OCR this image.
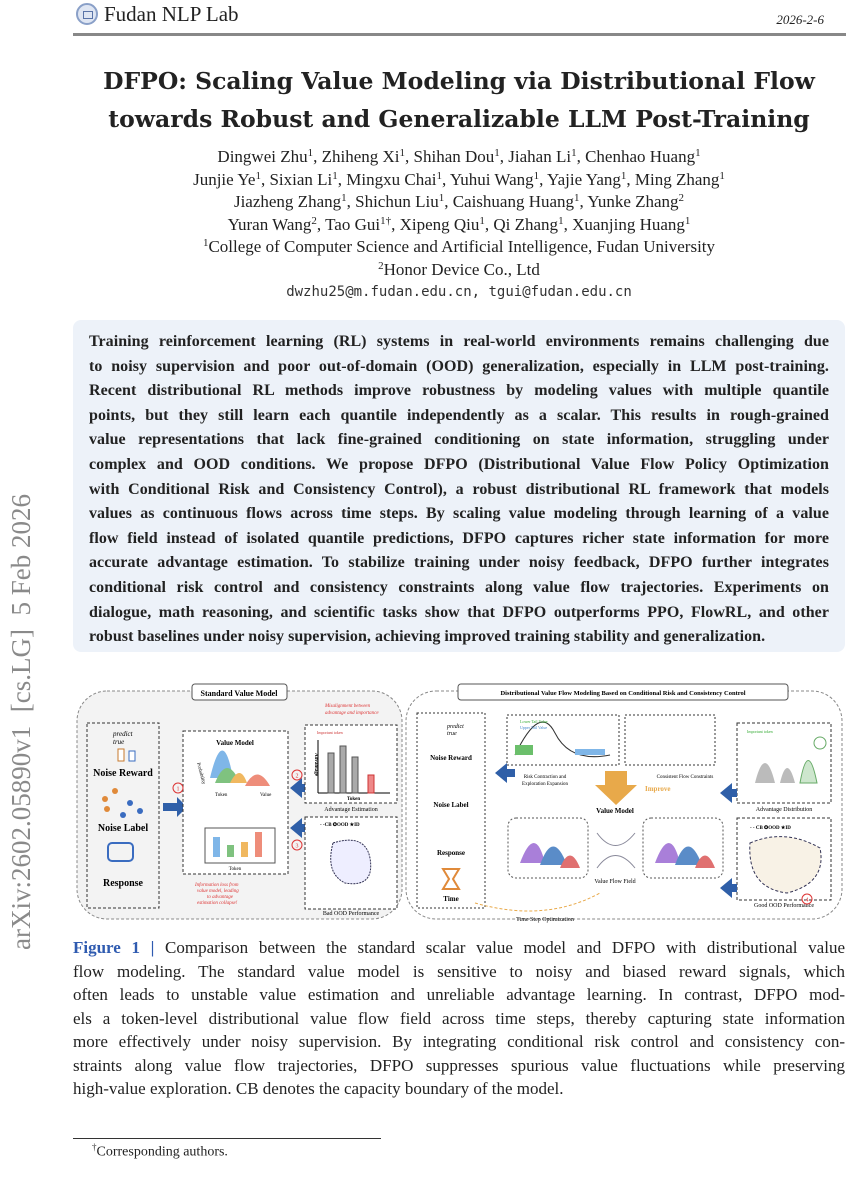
Fudan NLP Lab	2026-2-6
arXiv:2602.05890v1  [cs.LG]  5 Feb 2026
DFPO: Scaling Value Modeling via Distributional Flow
towards Robust and Generalizable LLM Post-Training
Dingwei Zhu$^1$, Zhiheng Xi$^1$, Shihan Dou$^1$, Jiahan Li$^1$, Chenhao Huang$^1$
Junjie Ye$^1$, Sixian Li$^1$, Mingxu Chai$^1$, Yuhui Wang$^1$, Yajie Yang$^1$, Ming Zhang$^1$
Jiazheng Zhang$^1$, Shichun Liu$^1$, Caishuang Huang$^1$, Yunke Zhang$^2$
Yuran Wang$^2$, Tao Gui$^{1\dagger}$, Xipeng Qiu$^1$, Qi Zhang$^1$, Xuanjing Huang$^1$
$^1$College of Computer Science and Artificial Intelligence, Fudan University
$^2$Honor Device Co., Ltd
dwzhu25@m.fudan.edu.cn, tgui@fudan.edu.cn
Training reinforcement learning (RL) systems in real-world environments remains challenging due
to noisy supervision and poor out-of-domain (OOD) generalization, especially in LLM post-training.
Recent distributional RL methods improve robustness by modeling values with multiple quantile
points, but they still learn each quantile independently as a scalar. This results in rough-grained
value representations that lack fine-grained conditioning on state information, struggling under
complex and OOD conditions. We propose DFPO (Distributional Value Flow Policy Optimization
with Conditional Risk and Consistency Control), a robust distributional RL framework that models
values as continuous flows across time steps. By scaling value modeling through learning of a value
flow field instead of isolated quantile predictions, DFPO captures richer state information for more
accurate advantage estimation. To stabilize training under noisy feedback, DFPO further integrates
conditional risk control and consistency constraints along value flow trajectories. Experiments on
dialogue, math reasoning, and scientific tasks show that DFPO outperforms PPO, FlowRL, and other
robust baselines under noisy supervision, achieving improved training stability and generalization.
Standard Value Model
predict
true
Noise Reward
Noise Label
Response
Value Model
Probability
Token	Value
Token
Important token
Advantage
Token
Misalignment between
advantage and importance
Advantage Estimation
- -CB ✪OOD ★ID
Bad OOD Performance
Information loss from
value model, leading
to advantage
estimation collapse!
Distributional Value Flow Modeling Based on Conditional Risk and Consistency Control
predict
true
Noise Reward
Noise Label
Response
Time
Lower Tail Value
Upper Tail Value
Risk Contraction and
Exploration Expansion
Consistent Flow Constraints
Improve
Value Model
Value Flow Field
Time Step Optimization
Important token
Advantage Distribution
- - CB ✪OOD ★ID
Good OOD Performance
1
2
3
4
Figure 1 | Comparison between the standard scalar value model and DFPO with distributional value
flow modeling. The standard value model is sensitive to noisy and biased reward signals, which
often leads to unstable value estimation and unreliable advantage learning. In contrast, DFPO mod-
els a token-level distributional value flow field across time steps, thereby capturing state information
more effectively under noisy supervision. By integrating conditional risk control and consistency con-
straints along value flow trajectories, DFPO suppresses spurious value fluctuations while preserving
high-value exploration. CB denotes the capacity boundary of the model.
†Corresponding authors.
